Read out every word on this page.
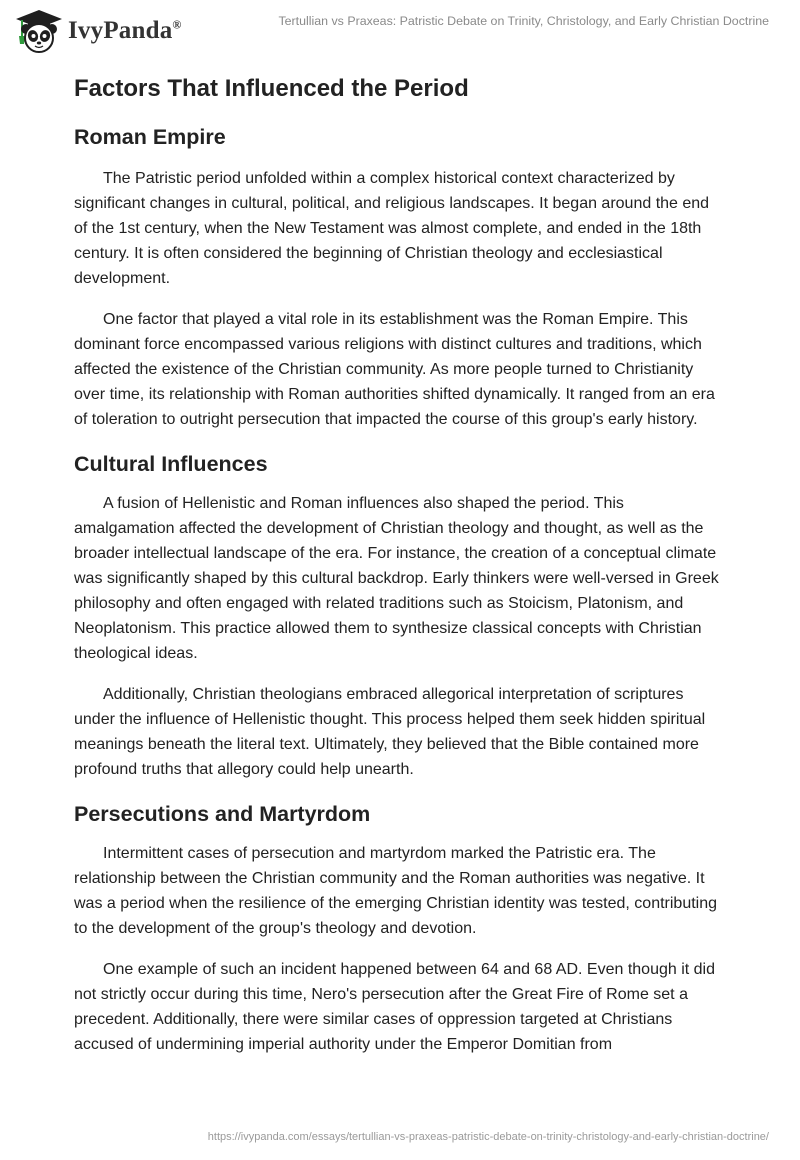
IvyPanda®	Tertullian vs Praxeas: Patristic Debate on Trinity, Christology, and Early Christian Doctrine
Factors That Influenced the Period
Roman Empire

The Patristic period unfolded within a complex historical context characterized by significant changes in cultural, political, and religious landscapes. It began around the end of the 1st century, when the New Testament was almost complete, and ended in the 18th century. It is often considered the beginning of Christian theology and ecclesiastical development.

One factor that played a vital role in its establishment was the Roman Empire. This dominant force encompassed various religions with distinct cultures and traditions, which affected the existence of the Christian community. As more people turned to Christianity over time, its relationship with Roman authorities shifted dynamically. It ranged from an era of toleration to outright persecution that impacted the course of this group's early history.

Cultural Influences

A fusion of Hellenistic and Roman influences also shaped the period. This amalgamation affected the development of Christian theology and thought, as well as the broader intellectual landscape of the era. For instance, the creation of a conceptual climate was significantly shaped by this cultural backdrop. Early thinkers were well-versed in Greek philosophy and often engaged with related traditions such as Stoicism, Platonism, and Neoplatonism. This practice allowed them to synthesize classical concepts with Christian theological ideas.

Additionally, Christian theologians embraced allegorical interpretation of scriptures under the influence of Hellenistic thought. This process helped them seek hidden spiritual meanings beneath the literal text. Ultimately, they believed that the Bible contained more profound truths that allegory could help unearth.

Persecutions and Martyrdom

Intermittent cases of persecution and martyrdom marked the Patristic era. The relationship between the Christian community and the Roman authorities was negative. It was a period when the resilience of the emerging Christian identity was tested, contributing to the development of the group's theology and devotion.

One example of such an incident happened between 64 and 68 AD. Even though it did not strictly occur during this time, Nero's persecution after the Great Fire of Rome set a precedent. Additionally, there were similar cases of oppression targeted at Christians accused of undermining imperial authority under the Emperor Domitian from

https://ivypanda.com/essays/tertullian-vs-praxeas-patristic-debate-on-trinity-christology-and-early-christian-doctrine/
